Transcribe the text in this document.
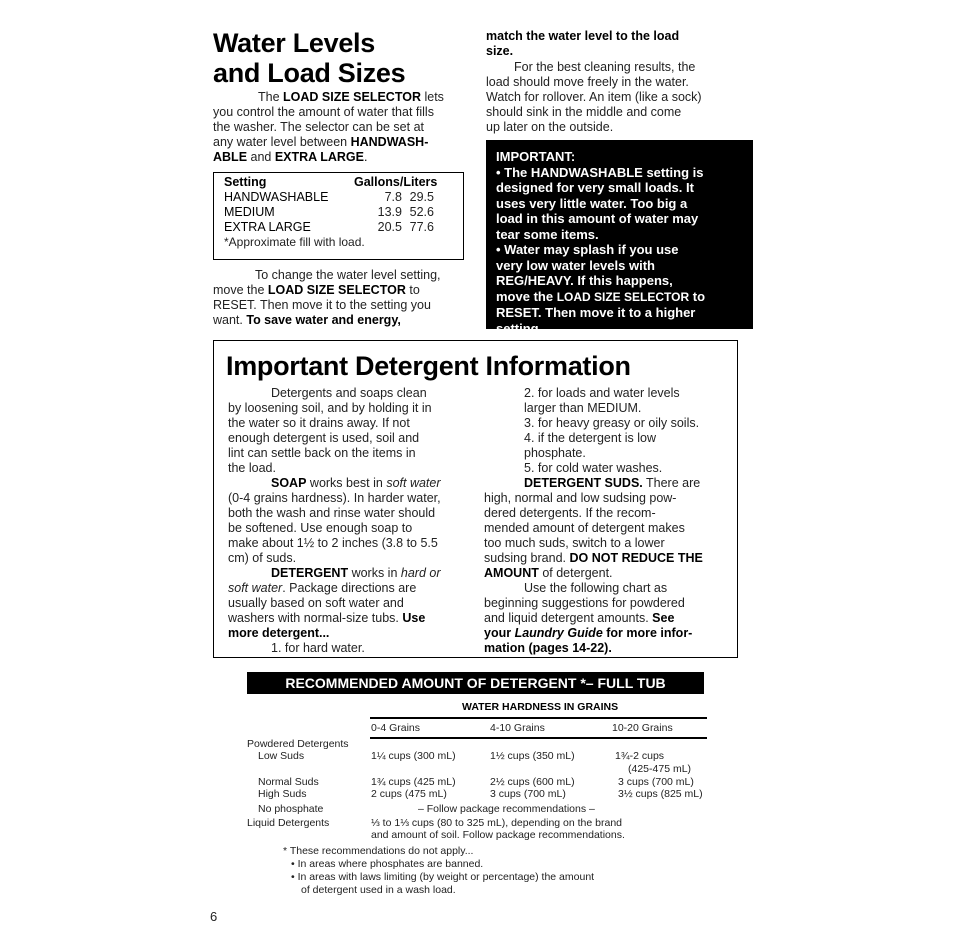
Water Levels
and Load Sizes
The LOAD SIZE SELECTOR lets
you control the amount of water that fills
the washer. The selector can be set at
any water level between HANDWASH-
ABLE and EXTRA LARGE.
Setting	Gallons/Liters
HANDWASHABLE	7.8 29.5
MEDIUM	13.9 52.6
EXTRA LARGE	20.5 77.6
*Approximate fill with load.
To change the water level setting,
move the LOAD SIZE SELECTOR to
RESET. Then move it to the setting you
want. To save water and energy,
match the water level to the load
size.
For the best cleaning results, the
load should move freely in the water.
Watch for rollover. An item (like a sock)
should sink in the middle and come
up later on the outside.
IMPORTANT:
• The HANDWASHABLE setting is
designed for very small loads. It
uses very little water. Too big a
load in this amount of water may
tear some items.
• Water may splash if you use
very low water levels with
REG/HEAVY. If this happens,
move the LOAD SIZE SELECTOR to
RESET. Then move it to a higher
setting.
Important Detergent Information
Detergents and soaps clean
by loosening soil, and by holding it in
the water so it drains away. If not
enough detergent is used, soil and
lint can settle back on the items in
the load.
SOAP works best in soft water
(0-4 grains hardness). In harder water,
both the wash and rinse water should
be softened. Use enough soap to
make about 1½ to 2 inches (3.8 to 5.5
cm) of suds.
DETERGENT works in hard or
soft water. Package directions are
usually based on soft water and
washers with normal-size tubs. Use
more detergent...
1. for hard water.
2. for loads and water levels
larger than MEDIUM.
3. for heavy greasy or oily soils.
4. if the detergent is low
phosphate.
5. for cold water washes.
DETERGENT SUDS. There are
high, normal and low sudsing pow-
dered detergents. If the recom-
mended amount of detergent makes
too much suds, switch to a lower
sudsing brand. DO NOT REDUCE THE
AMOUNT of detergent.
Use the following chart as
beginning suggestions for powdered
and liquid detergent amounts. See
your Laundry Guide for more infor-
mation (pages 14-22).
RECOMMENDED AMOUNT OF DETERGENT *– FULL TUB
WATER HARDNESS IN GRAINS
0-4 Grains	4-10 Grains	10-20 Grains
Powdered Detergents
Low Suds	1¼ cups (300 mL)	1½ cups (350 mL)	1¾-2 cups
(425-475 mL)
Normal Suds	1¾ cups (425 mL)	2½ cups (600 mL)	3 cups (700 mL)
High Suds	2 cups (475 mL)	3 cups (700 mL)	3½ cups (825 mL)
No phosphate	– Follow package recommendations –
Liquid Detergents	⅓ to 1⅓ cups (80 to 325 mL), depending on the brand
and amount of soil. Follow package recommendations.
* These recommendations do not apply...
• In areas where phosphates are banned.
• In areas with laws limiting (by weight or percentage) the amount
of detergent used in a wash load.
6
